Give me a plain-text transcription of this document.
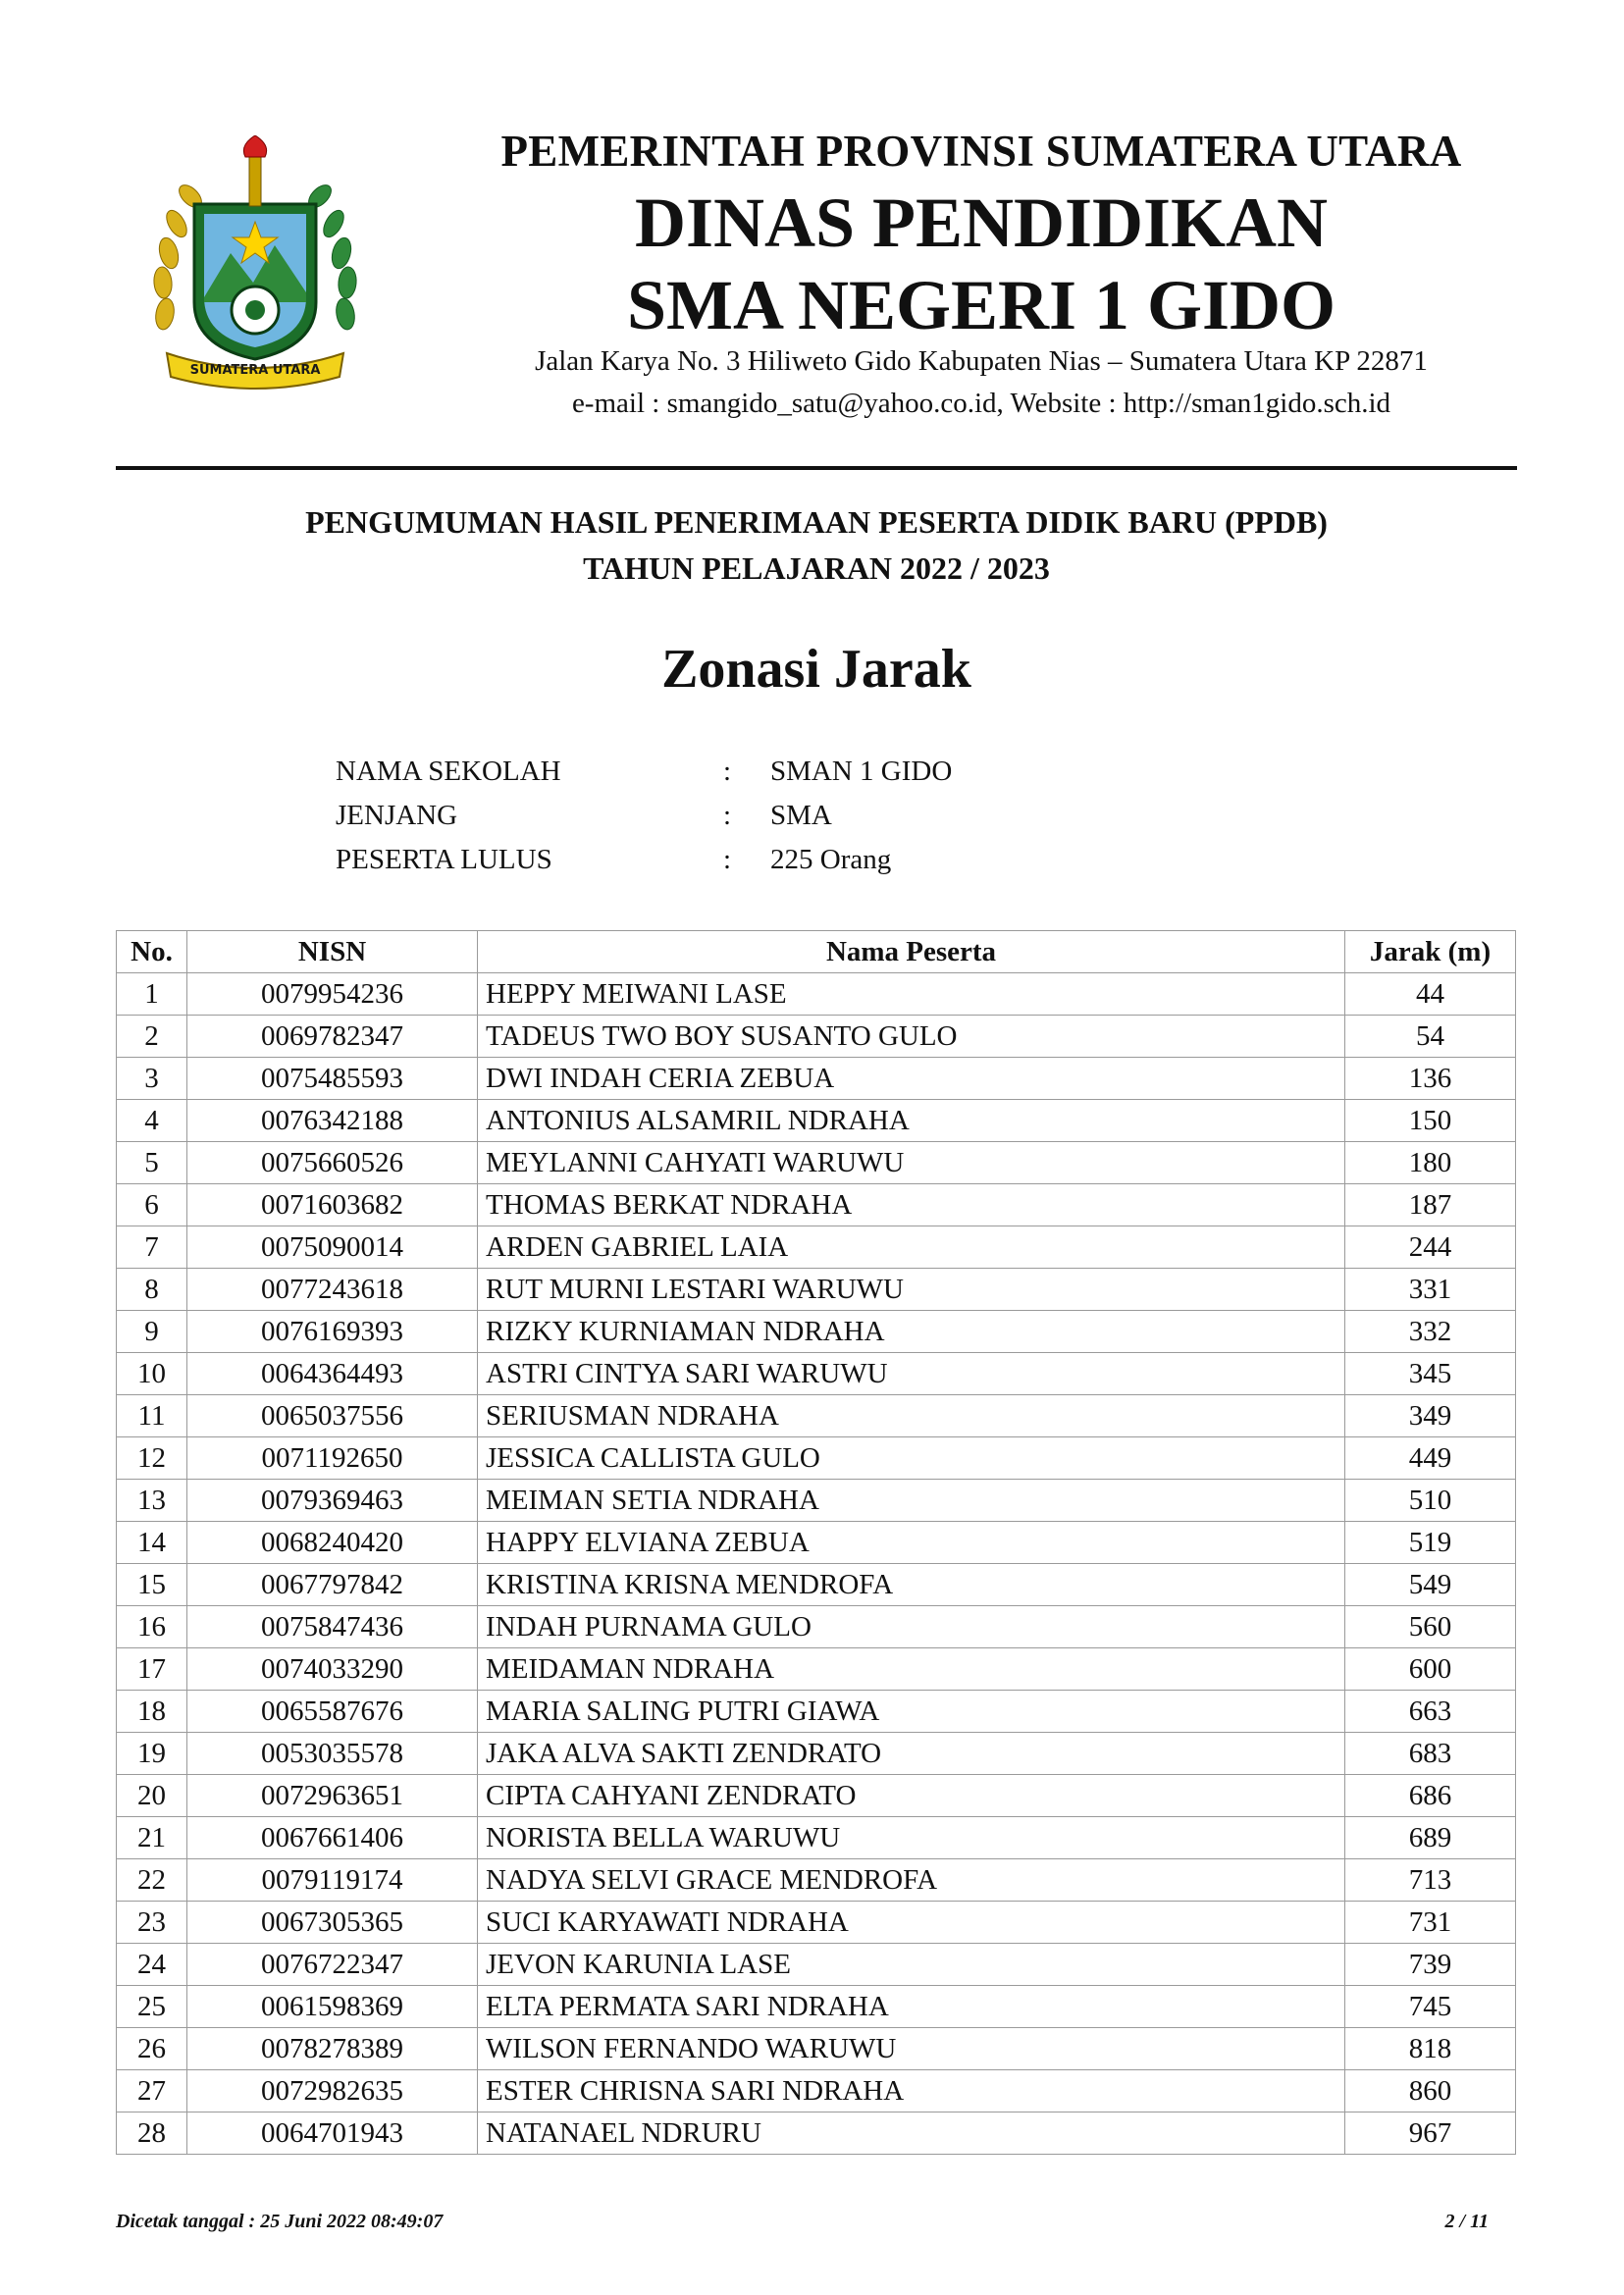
SUMATERA UTARA

PEMERINTAH PROVINSI SUMATERA UTARA

DINAS PENDIDIKAN

SMA NEGERI 1 GIDO

Jalan Karya No. 3 Hiliweto Gido Kabupaten Nias – Sumatera Utara KP 22871

e-mail : smangido_satu@yahoo.co.id, Website : http://sman1gido.sch.id

PENGUMUMAN HASIL PENERIMAAN PESERTA DIDIK BARU (PPDB)

TAHUN PELAJARAN 2022 / 2023

Zonasi Jarak

NAMA SEKOLAH	: SMAN 1 GIDO
JENJANG	: SMA
PESERTA LULUS	: 225 Orang
No.	NISN	Nama Peserta	Jarak (m)
1	0079954236	HEPPY MEIWANI LASE	44
2	0069782347	TADEUS TWO BOY SUSANTO GULO	54
3	0075485593	DWI INDAH CERIA ZEBUA	136
4	0076342188	ANTONIUS ALSAMRIL NDRAHA	150
5	0075660526	MEYLANNI CAHYATI WARUWU	180
6	0071603682	THOMAS BERKAT NDRAHA	187
7	0075090014	ARDEN GABRIEL LAIA	244
8	0077243618	RUT MURNI LESTARI WARUWU	331
9	0076169393	RIZKY KURNIAMAN NDRAHA	332
10	0064364493	ASTRI CINTYA SARI WARUWU	345
11	0065037556	SERIUSMAN NDRAHA	349
12	0071192650	JESSICA CALLISTA GULO	449
13	0079369463	MEIMAN SETIA NDRAHA	510
14	0068240420	HAPPY ELVIANA ZEBUA	519
15	0067797842	KRISTINA KRISNA MENDROFA	549
16	0075847436	INDAH PURNAMA GULO	560
17	0074033290	MEIDAMAN NDRAHA	600
18	0065587676	MARIA SALING PUTRI GIAWA	663
19	0053035578	JAKA ALVA SAKTI ZENDRATO	683
20	0072963651	CIPTA CAHYANI ZENDRATO	686
21	0067661406	NORISTA BELLA WARUWU	689
22	0079119174	NADYA SELVI GRACE MENDROFA	713
23	0067305365	SUCI KARYAWATI NDRAHA	731
24	0076722347	JEVON KARUNIA LASE	739
25	0061598369	ELTA PERMATA SARI NDRAHA	745
26	0078278389	WILSON FERNANDO WARUWU	818
27	0072982635	ESTER CHRISNA SARI NDRAHA	860
28	0064701943	NATANAEL NDRURU	967
Dicetak tanggal : 25 Juni 2022 08:49:07	2 / 11
